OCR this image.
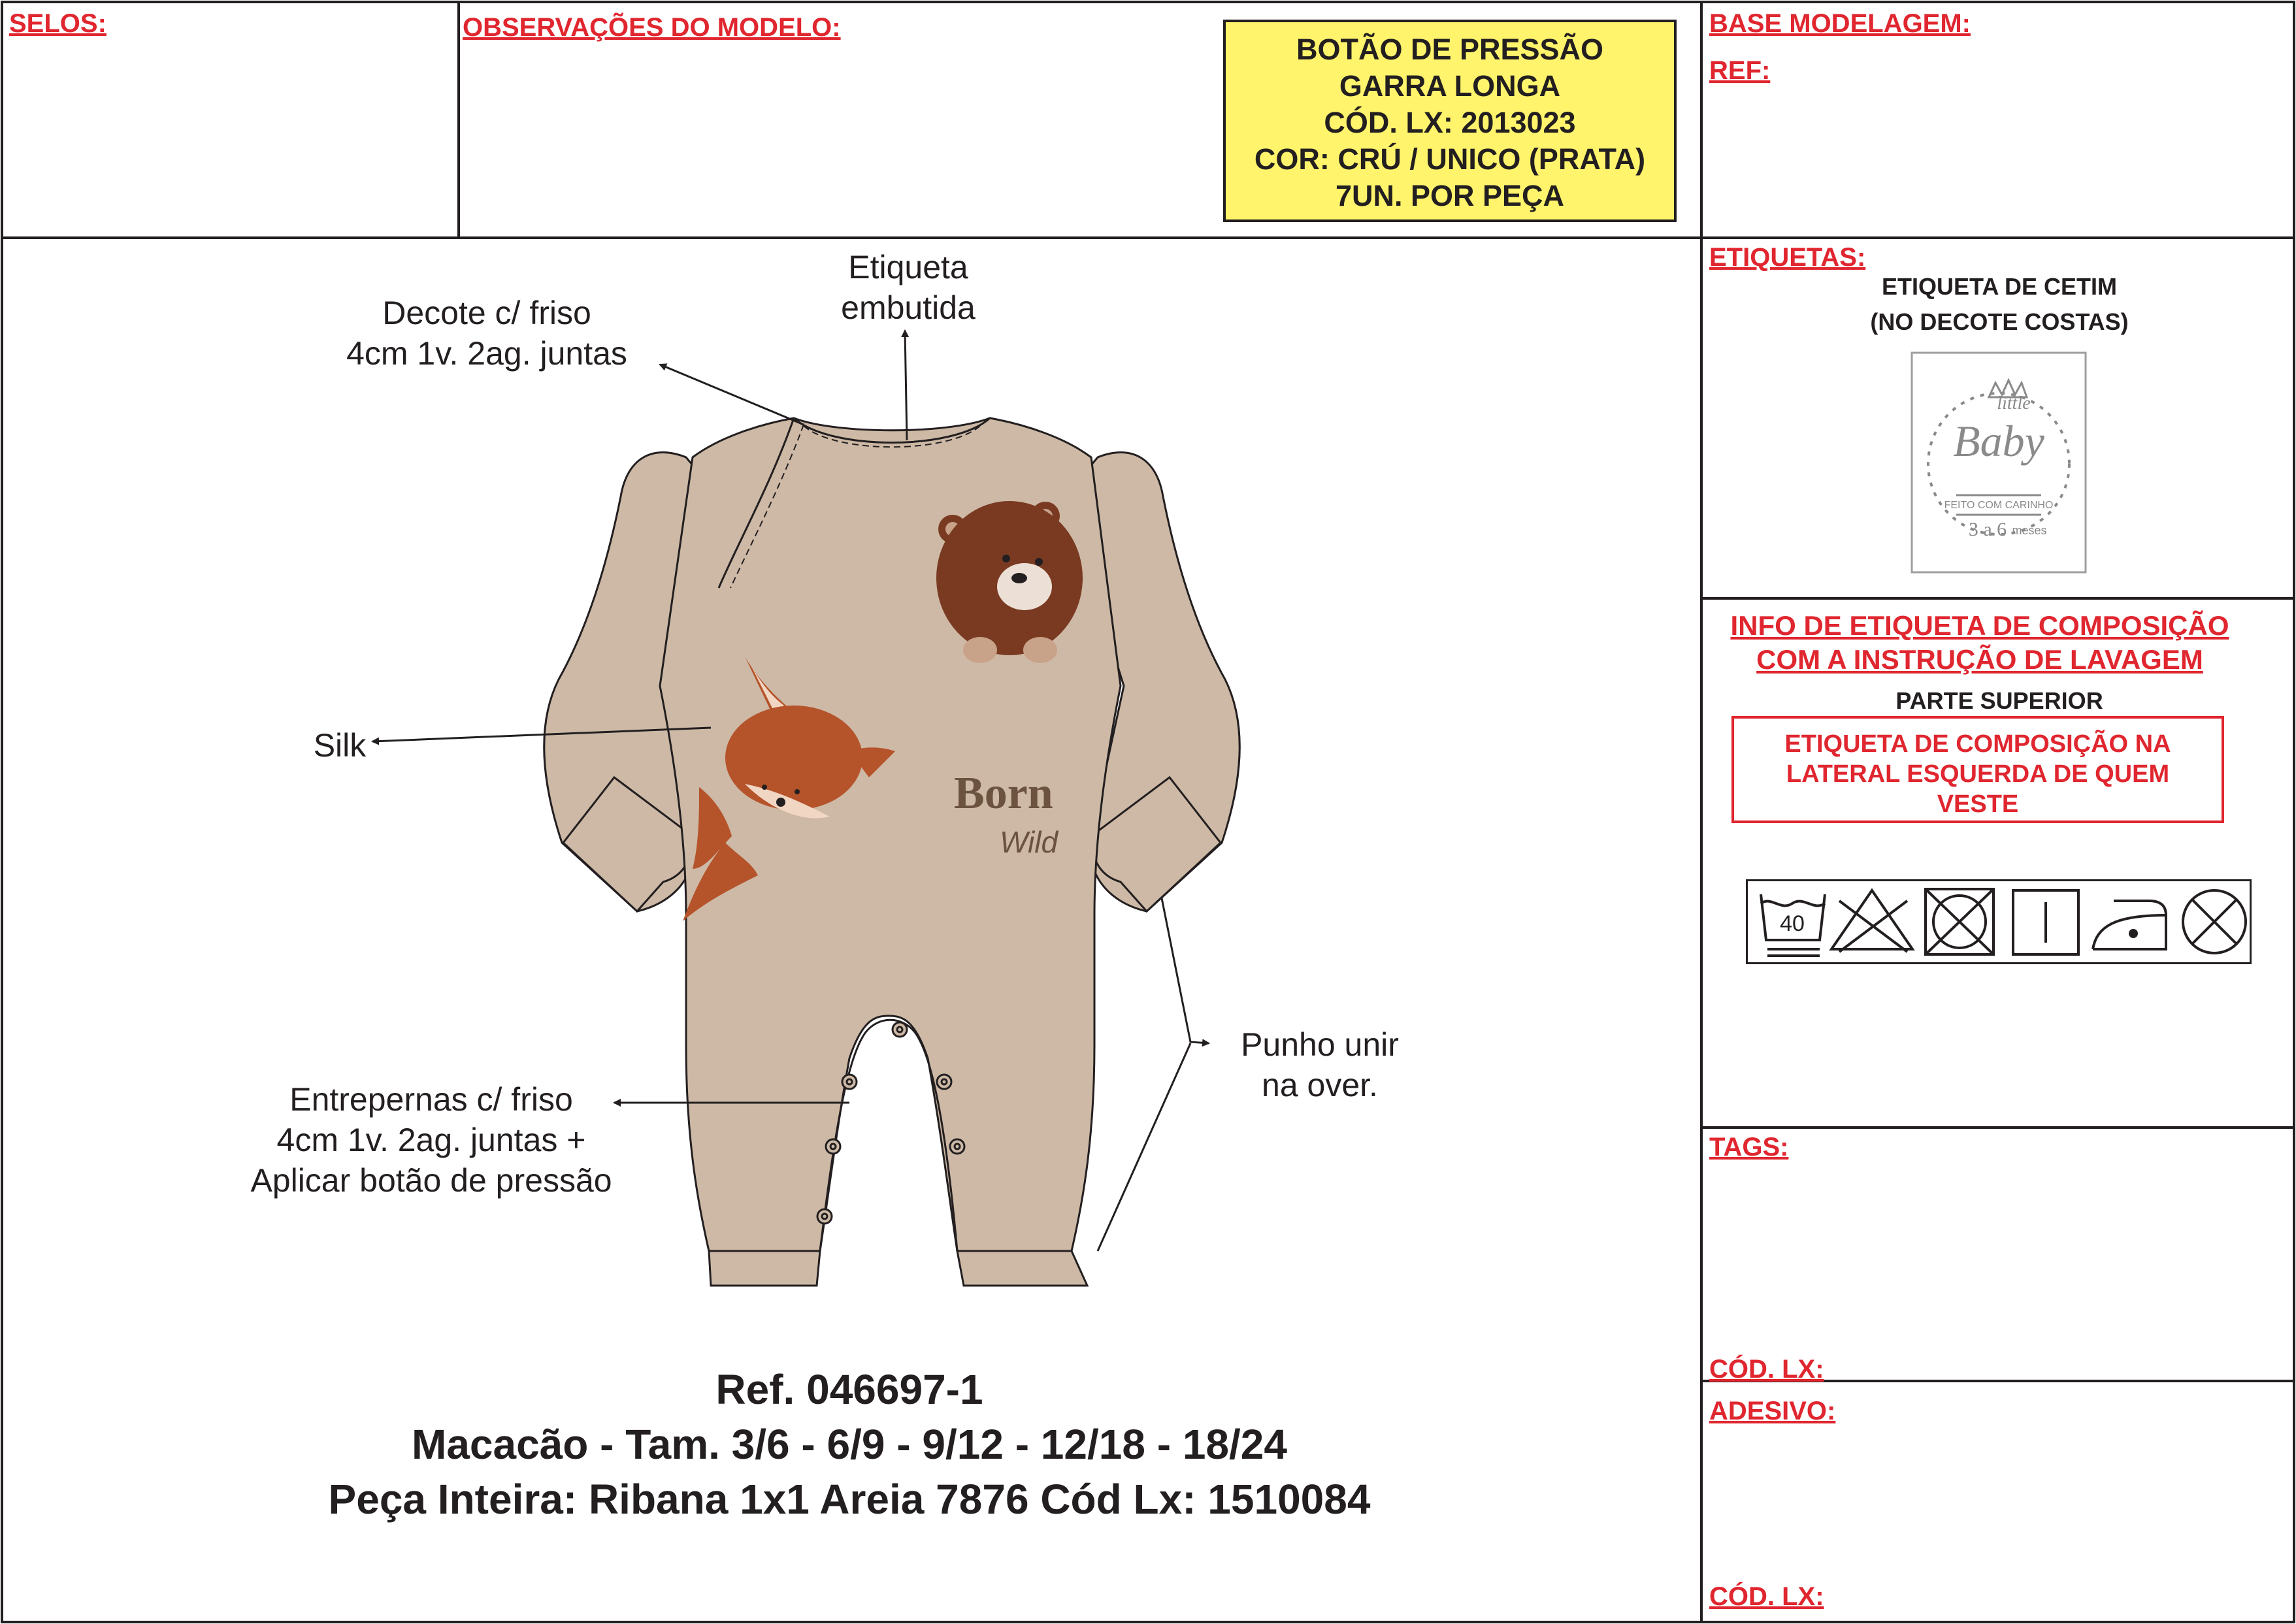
SELOS:	OBSERVAÇÕES DO MODELO:	BASE MODELAGEM:
REF:
BOTÃO DE PRESSÃO
GARRA LONGA
CÓD. LX: 2013023
COR: CRÚ / UNICO (PRATA)
7UN. POR PEÇA
Born
Wild
Decote c/ friso
4cm 1v. 2ag. juntas
Etiqueta
embutida
Silk
Entrepernas c/ friso
4cm 1v. 2ag. juntas +
Aplicar botão de pressão
Punho unir
na over.
Ref. 046697-1
Macacão - Tam. 3/6 - 6/9 - 9/12 - 12/18 - 18/24
Peça Inteira: Ribana 1x1 Areia 7876 Cód Lx: 1510084
ETIQUETAS:
ETIQUETA DE CETIM
(NO DECOTE COSTAS)
little
Baby
FEITO COM CARINHO
3 a 6 meses
INFO DE ETIQUETA DE COMPOSIÇÃO
COM A INSTRUÇÃO DE LAVAGEM
PARTE SUPERIOR
ETIQUETA DE COMPOSIÇÃO NA
LATERAL ESQUERDA DE QUEM
VESTE
40
TAGS:
CÓD. LX:
ADESIVO:
CÓD. LX:
